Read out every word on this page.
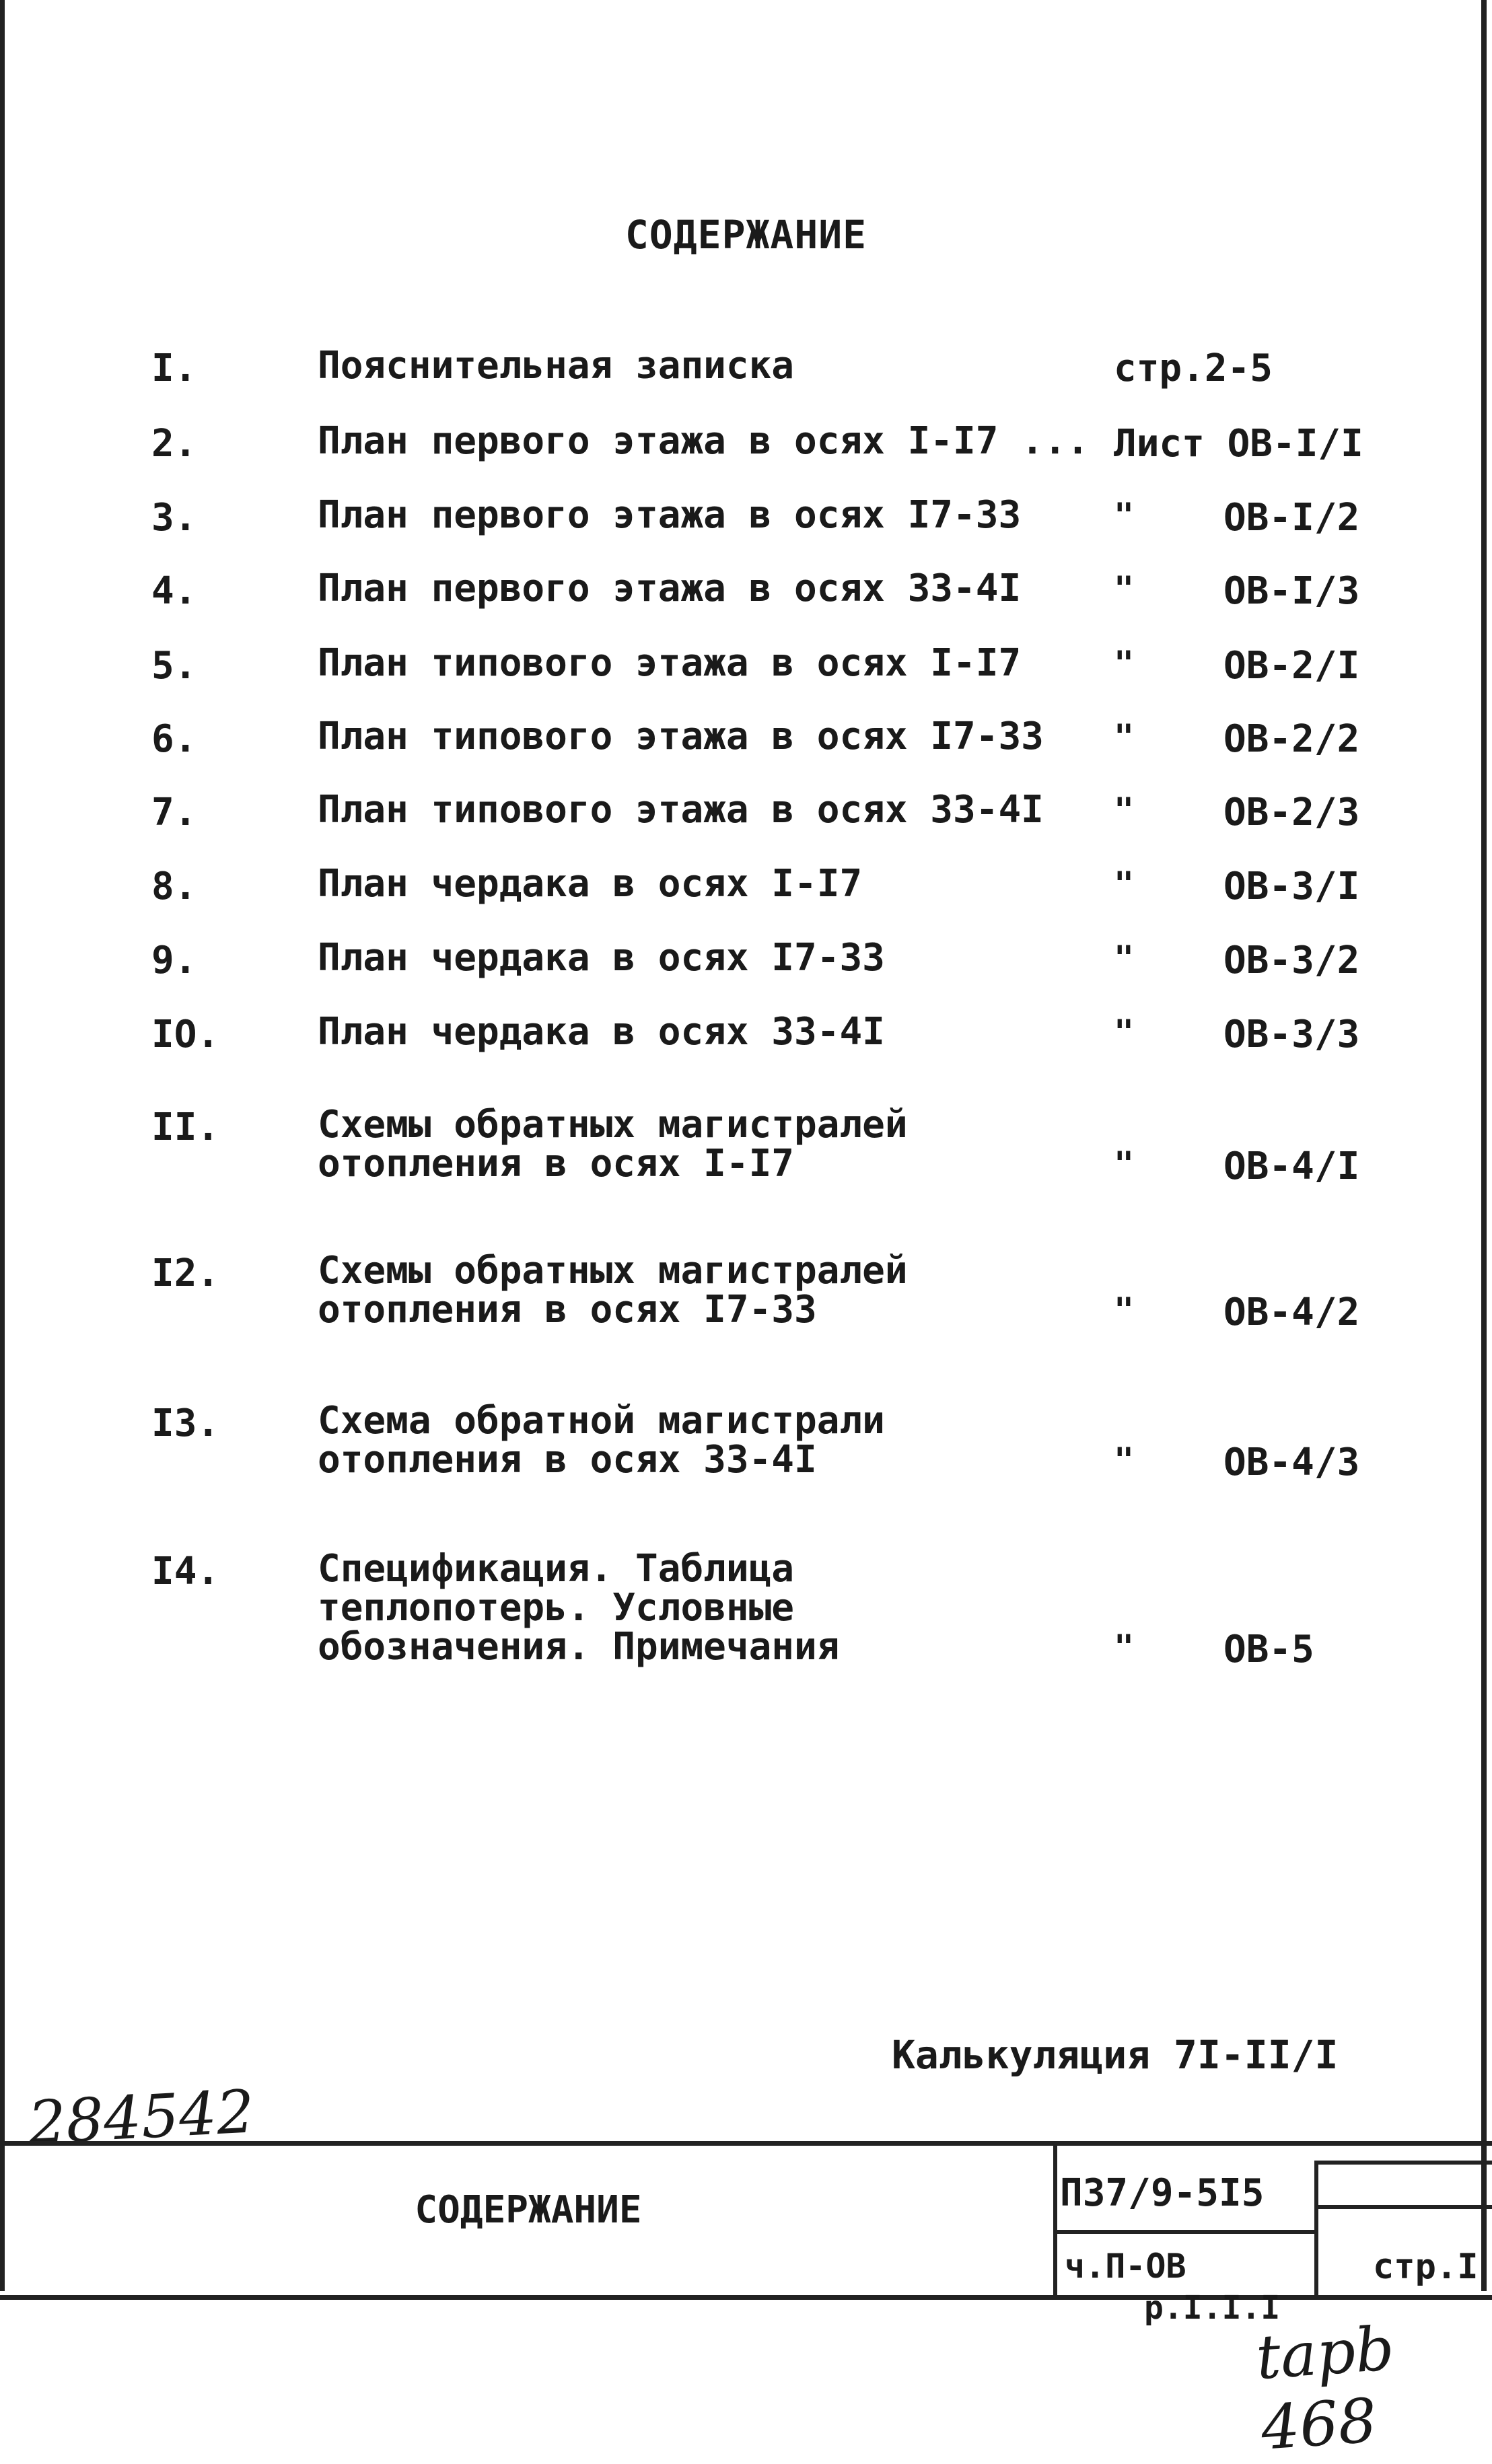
СОДЕРЖАНИЕ
I.	Пояснительная записка	стр.2-5
2.	План первого этажа в осях I-I7 ... Лист ОВ-I/I
3.	План первого этажа в осях I7-33	" ОВ-I/2
4.	План первого этажа в осях 33-4I	" ОВ-I/3
5.	План типового этажа в осях I-I7	" ОВ-2/I
6.	План типового этажа в осях I7-33 " ОВ-2/2
7.	План типового этажа в осях 33-4I " ОВ-2/3
8.	План чердака в осях I-I7	" ОВ-3/I
9.	План чердака в осях I7-33	" ОВ-3/2
IO.	План чердака в осях 33-4I	" ОВ-3/3
II.	Схемы обратных магистралей
отопления в осях I-I7	" ОВ-4/I
I2.	Схемы обратных магистралей
отопления в осях I7-33	" ОВ-4/2
I3.	Схема обратной магистрали
отопления в осях 33-4I	" ОВ-4/3
I4.	Спецификация. Таблица
теплопотерь. Условные
обозначения. Примечания	" ОВ-5
Калькуляция 7I-II/I
284542
СОДЕРЖАНИЕ	П37/9-5I5
ч.П-ОВ	стр.I
р.I.I.I
tapb 468
